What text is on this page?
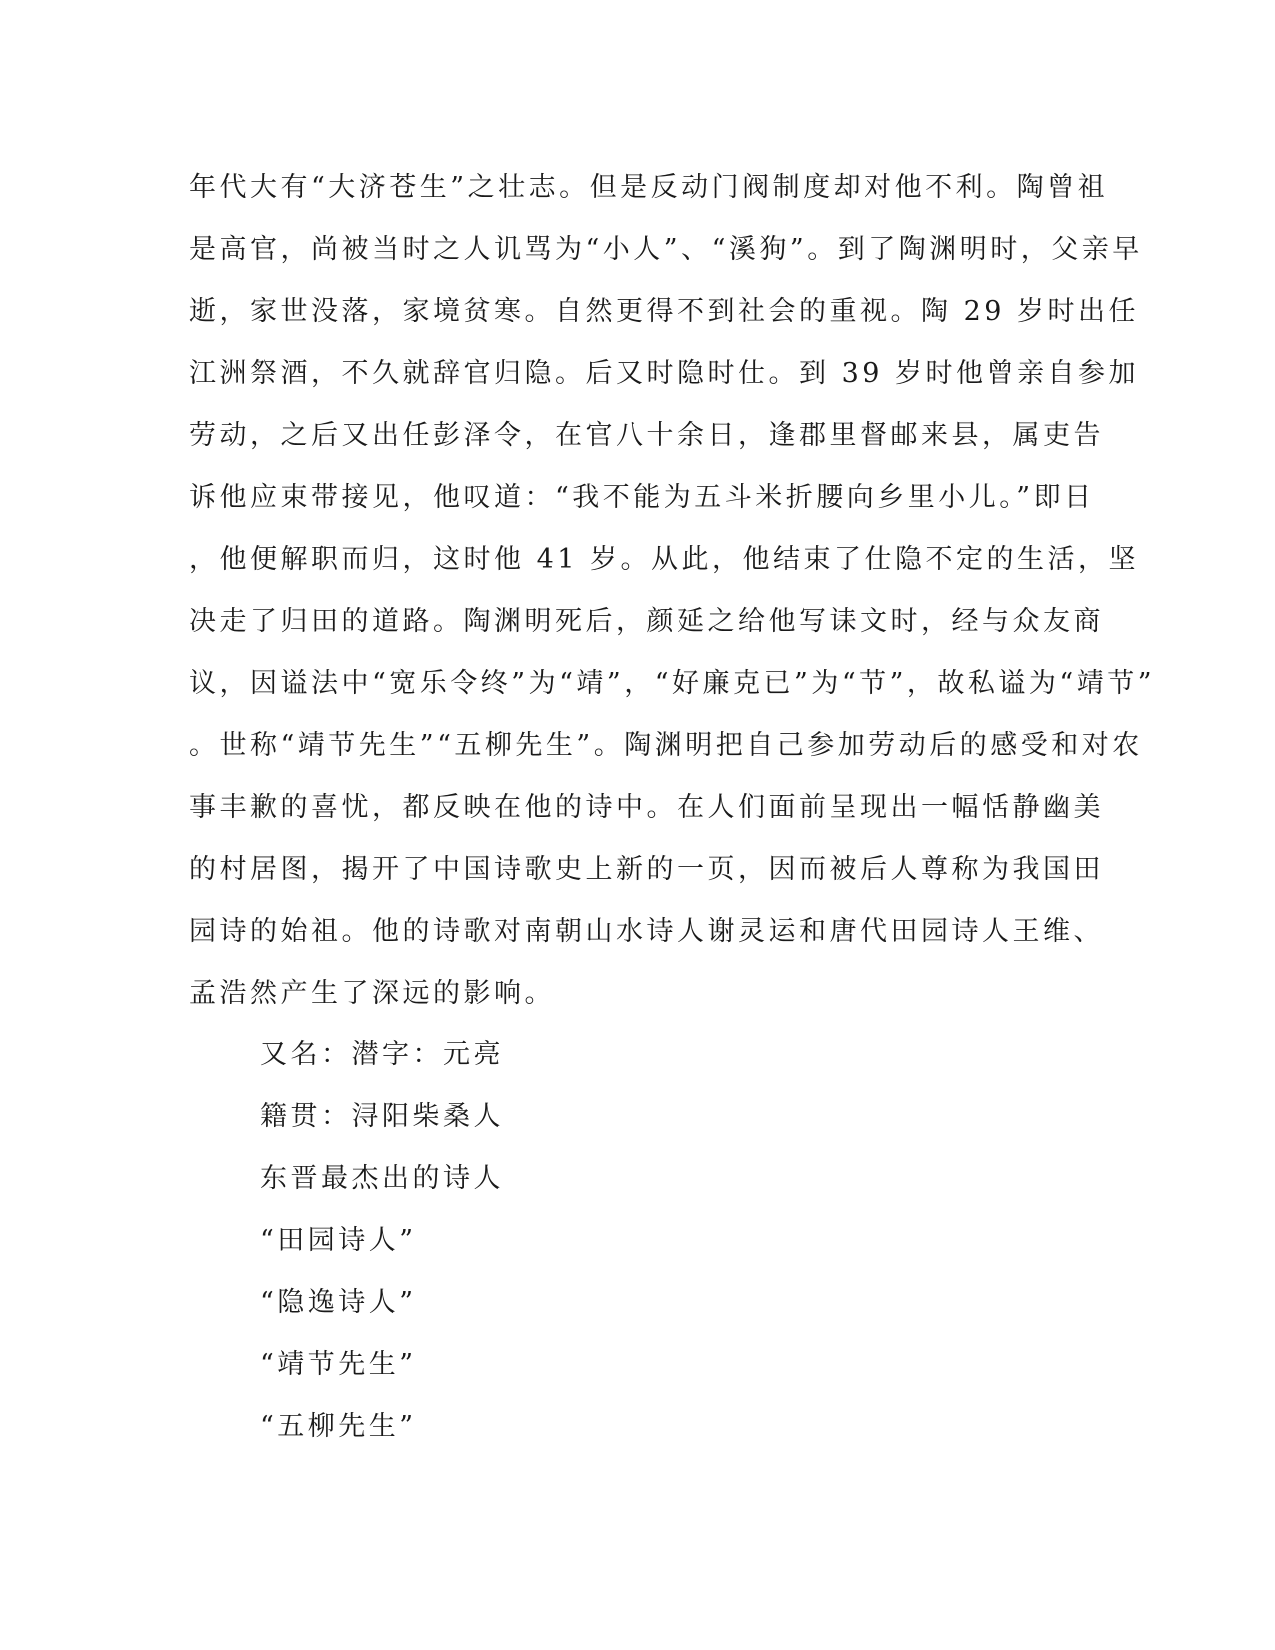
年代大有“大济苍生”之壮志。但是反动门阀制度却对他不利。陶曾祖
是高官，尚被当时之人讥骂为“小人”、“溪狗”。到了陶渊明时，父亲早
逝，家世没落，家境贫寒。自然更得不到社会的重视。陶 29 岁时出任
江洲祭酒，不久就辞官归隐。后又时隐时仕。到 39 岁时他曾亲自参加
劳动，之后又出任彭泽令，在官八十余日，逢郡里督邮来县，属吏告
诉他应束带接见，他叹道：“我不能为五斗米折腰向乡里小儿。”即日
，他便解职而归，这时他 41 岁。从此，他结束了仕隐不定的生活，坚
决走了归田的道路。陶渊明死后，颜延之给他写诔文时，经与众友商
议，因谥法中“宽乐令终”为“靖”，“好廉克已”为“节”，故私谥为“靖节”
。世称“靖节先生”“五柳先生”。陶渊明把自己参加劳动后的感受和对农
事丰歉的喜忧，都反映在他的诗中。在人们面前呈现出一幅恬静幽美
的村居图，揭开了中国诗歌史上新的一页，因而被后人尊称为我国田
园诗的始祖。他的诗歌对南朝山水诗人谢灵运和唐代田园诗人王维、
孟浩然产生了深远的影响。
又名：潜字：元亮
籍贯：浔阳柴桑人
东晋最杰出的诗人
“田园诗人”
“隐逸诗人”
“靖节先生”
“五柳先生”
